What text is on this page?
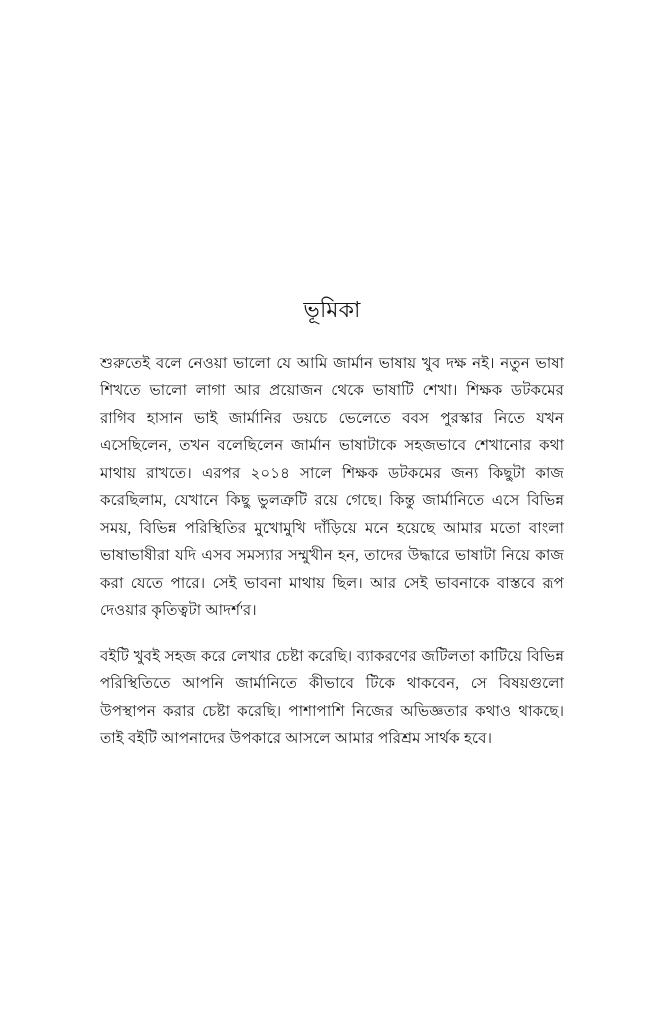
ভূমিকা

শুরুতেই বলে নেওয়া ভালো যে আমি জার্মান ভাষায় খুব দক্ষ নই। নতুন ভাষা শিখতে ভালো লাগা আর প্রয়োজন থেকে ভাষাটি শেখা। শিক্ষক ডটকমের রাগিব হাসান ভাই জার্মানির ডয়চে ভেলেতে ববস পুরস্কার নিতে যখন এসেছিলেন, তখন বলেছিলেন জার্মান ভাষাটাকে সহজভাবে শেখানোর কথা মাথায় রাখতে। এরপর ২০১৪ সালে শিক্ষক ডটকমের জন্য কিছুটা কাজ করেছিলাম, যেখানে কিছু ভুলত্রুটি রয়ে গেছে। কিন্তু জার্মানিতে এসে বিভিন্ন সময়, বিভিন্ন পরিস্থিতির মুখোমুখি দাঁড়িয়ে মনে হয়েছে আমার মতো বাংলা ভাষাভাষীরা যদি এসব সমস্যার সম্মুখীন হন, তাদের উদ্ধারে ভাষাটা নিয়ে কাজ করা যেতে পারে। সেই ভাবনা মাথায় ছিল। আর সেই ভাবনাকে বাস্তবে রূপ দেওয়ার কৃতিত্বটা আদর্শ'র।

বইটি খুবই সহজ করে লেখার চেষ্টা করেছি। ব্যাকরণের জটিলতা কাটিয়ে বিভিন্ন পরিস্থিতিতে আপনি জার্মানিতে কীভাবে টিকে থাকবেন, সে বিষয়গুলো উপস্থাপন করার চেষ্টা করেছি। পাশাপাশি নিজের অভিজ্ঞতার কথাও থাকছে। তাই বইটি আপনাদের উপকারে আসলে আমার পরিশ্রম সার্থক হবে।
